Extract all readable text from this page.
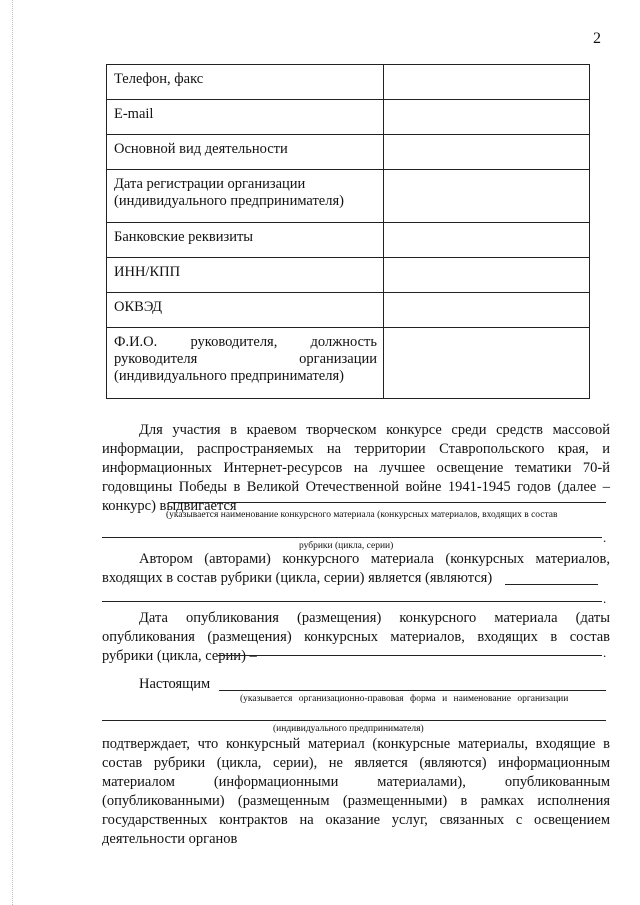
2
Телефон, факс	
E-mail	
Основной вид деятельности	
Дата регистрации организации (индивидуального предпринимателя)	
Банковские реквизиты	
ИНН/КПП	
ОКВЭД	
Ф.И.О. руководителя, должность руководителя организации (индивидуального предпринимателя)	
Для участия в краевом творческом конкурсе среди средств массовой информации, распространяемых на территории Ставропольского края, и информационных Интернет-ресурсов на лучшее освещение тематики 70-й годовщины Победы в Великой Отечественной войне 1941-1945 годов (далее – конкурс) выдвигается
(указывается наименование конкурсного материала (конкурсных материалов, входящих в состав
.
рубрики (цикла, серии)
Автором (авторами) конкурсного материала (конкурсных материалов, входящих в состав рубрики (цикла, серии) является (являются)
.
Дата опубликования (размещения) конкурсного материала (даты опубликования (размещения) конкурсных материалов, входящих в состав рубрики (цикла, серии) –	.
Настоящим
(указывается организационно-правовая форма и наименование организации
(индивидуального предпринимателя)
подтверждает, что конкурсный материал (конкурсные материалы, входящие в состав рубрики (цикла, серии), не является (являются) информационным материалом (информационными материалами), опубликованным (опубликованными) (размещенным (размещенными) в рамках исполнения государственных контрактов на оказание услуг, связанных с освещением деятельности органов
